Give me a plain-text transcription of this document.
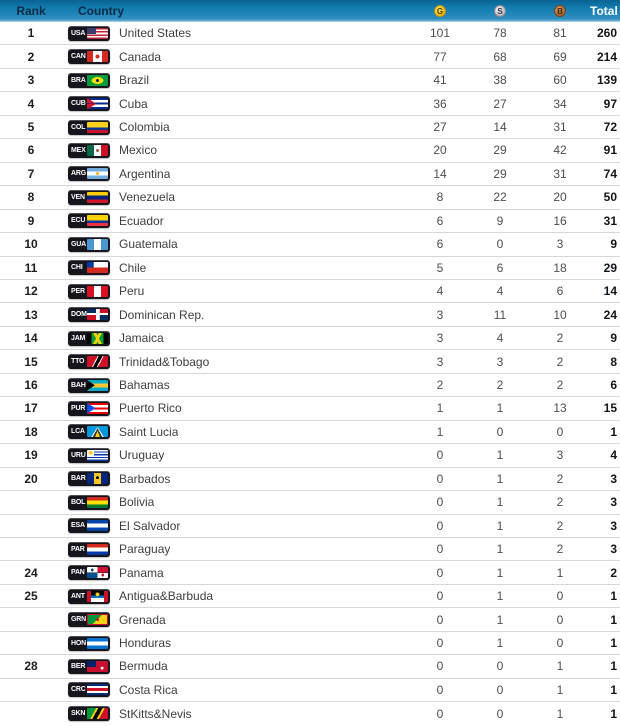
Rank	Country	G	S	B Total
1	USA	United States	101	78	81	260
2	CAN	Canada	77	68	69	214
3	BRA	Brazil	41	38	60	139
4	CUB	Cuba	36	27	34	97
5	COL	Colombia	27	14	31	72
6	MEX	Mexico	20	29	42	91
7	ARG	Argentina	14	29	31	74
8	VEN	Venezuela	8	22	20	50
9	ECU	Ecuador	6	9	16	31
10	GUA	Guatemala	6	0	3	9
11	CHI	Chile	5	6	18	29
12	PER	Peru	4	4	6	14
13	DOM	Dominican Rep.	3	11	10	24
14	JAM	Jamaica	3	4	2	9
15	TTO	Trinidad&Tobago	3	3	2	8
16	BAH	Bahamas	2	2	2	6
17	PUR	Puerto Rico	1	1	13	15
18	LCA	Saint Lucia	1	0	0	1
19	URU	Uruguay	0	1	3	4
20	BAR	Barbados	0	1	2	3
BOL	Bolivia	0	1	2	3
ESA	El Salvador	0	1	2	3
PAR	Paraguay	0	1	2	3
24	PAN	Panama	0	1	1	2
25	ANT	Antigua&Barbuda	0	1	0	1
GRN	Grenada	0	1	0	1
HON	Honduras	0	1	0	1
28	BER	Bermuda	0	0	1	1
CRC	Costa Rica	0	0	1	1
SKN	StKitts&Nevis	0	0	1	1
